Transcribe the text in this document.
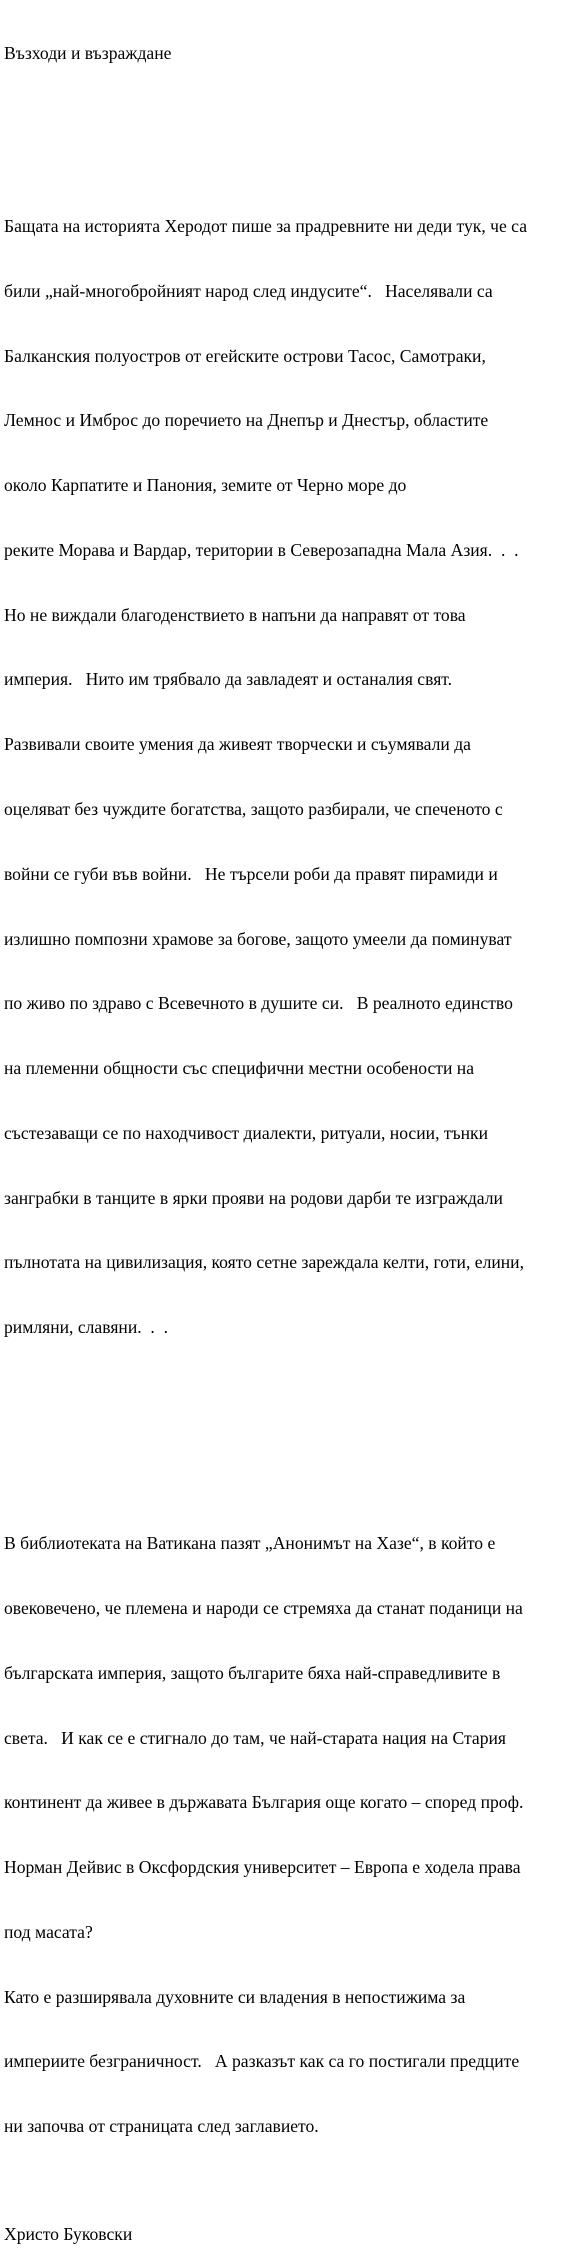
Възходи и възраждане

Бащата на историята Херодот пише за прадревните ни деди тук, че са

били „най-многобройният народ след индусите“.   Населявали са

Балканския полуостров от егейските острови Тасос, Самотраки,

Лемнос и Имброс до поречието на Днепър и Днестър, областите

около Карпатите и Панония, земите от Черно море до

реките Морава и Вардар, територии в Северозападна Мала Азия.  .  .

Но не виждали благоденствието в напъни да направят от това

империя.   Нито им трябвало да завладеят и останалия свят.

Развивали своите умения да живеят творчески и съумявали да

оцеляват без чуждите богатства, защото разбирали, че спеченото с

войни се губи във войни.   Не търсели роби да правят пирамиди и

излишно помпозни храмове за богове, защото умеели да поминуват

по живо по здраво с Всевечното в душите си.   В реалното единство

на племенни общности със специфични местни особености на

състезаващи се по находчивост диалекти, ритуали, носии, тънки

занграбки в танците в ярки прояви на родови дарби те изграждали

пълнотата на цивилизация, която сетне зареждала келти, готи, елини,

римляни, славяни.  .  .

В библиотеката на Ватикана пазят „Анонимът на Хазе“, в който е

овековечено, че племена и народи се стремяха да станат поданици на

българската империя, защото българите бяха най-справедливите в

света.   И как се е стигнало до там, че най-старата нация на Стария

континент да живее в държавата България още когато – според проф.

Норман Дейвис в Оксфордския университет – Европа е ходела права

под масата?

Като е разширявала духовните си владения в непостижима за

империите безграничност.   А разказът как са го постигали предците

ни започва от страницата след заглавието.

Христо Буковски
